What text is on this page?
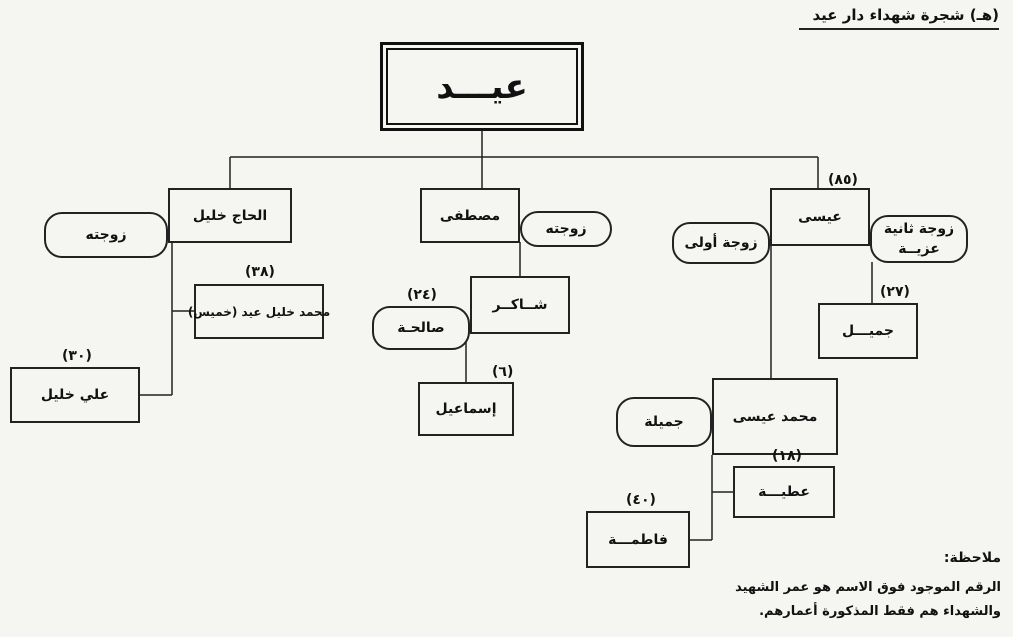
(هـ) شجرة شهداء دار عيد
عيـــد
الحاج خليل	مصطفى	عيسى
(٨٥)
زوجته	زوجته
زوجة أولى
زوجة ثانية
عزيــة
(٣٨)
محمد خليل عيد (خميس)
(٣٠)
علي خليل
شــاكــر
(٢٤)
صالحـة
(٦)
إسماعيل
(٢٧)
جميـــل
محمد عيسى
جميلة
(١٨)
عطيـــة
(٤٠)
فاطمـــة
ملاحظة:
الرقم الموجود فوق الاسم هو عمر الشهيد
والشهداء هم فقط المذكورة أعمارهم.
